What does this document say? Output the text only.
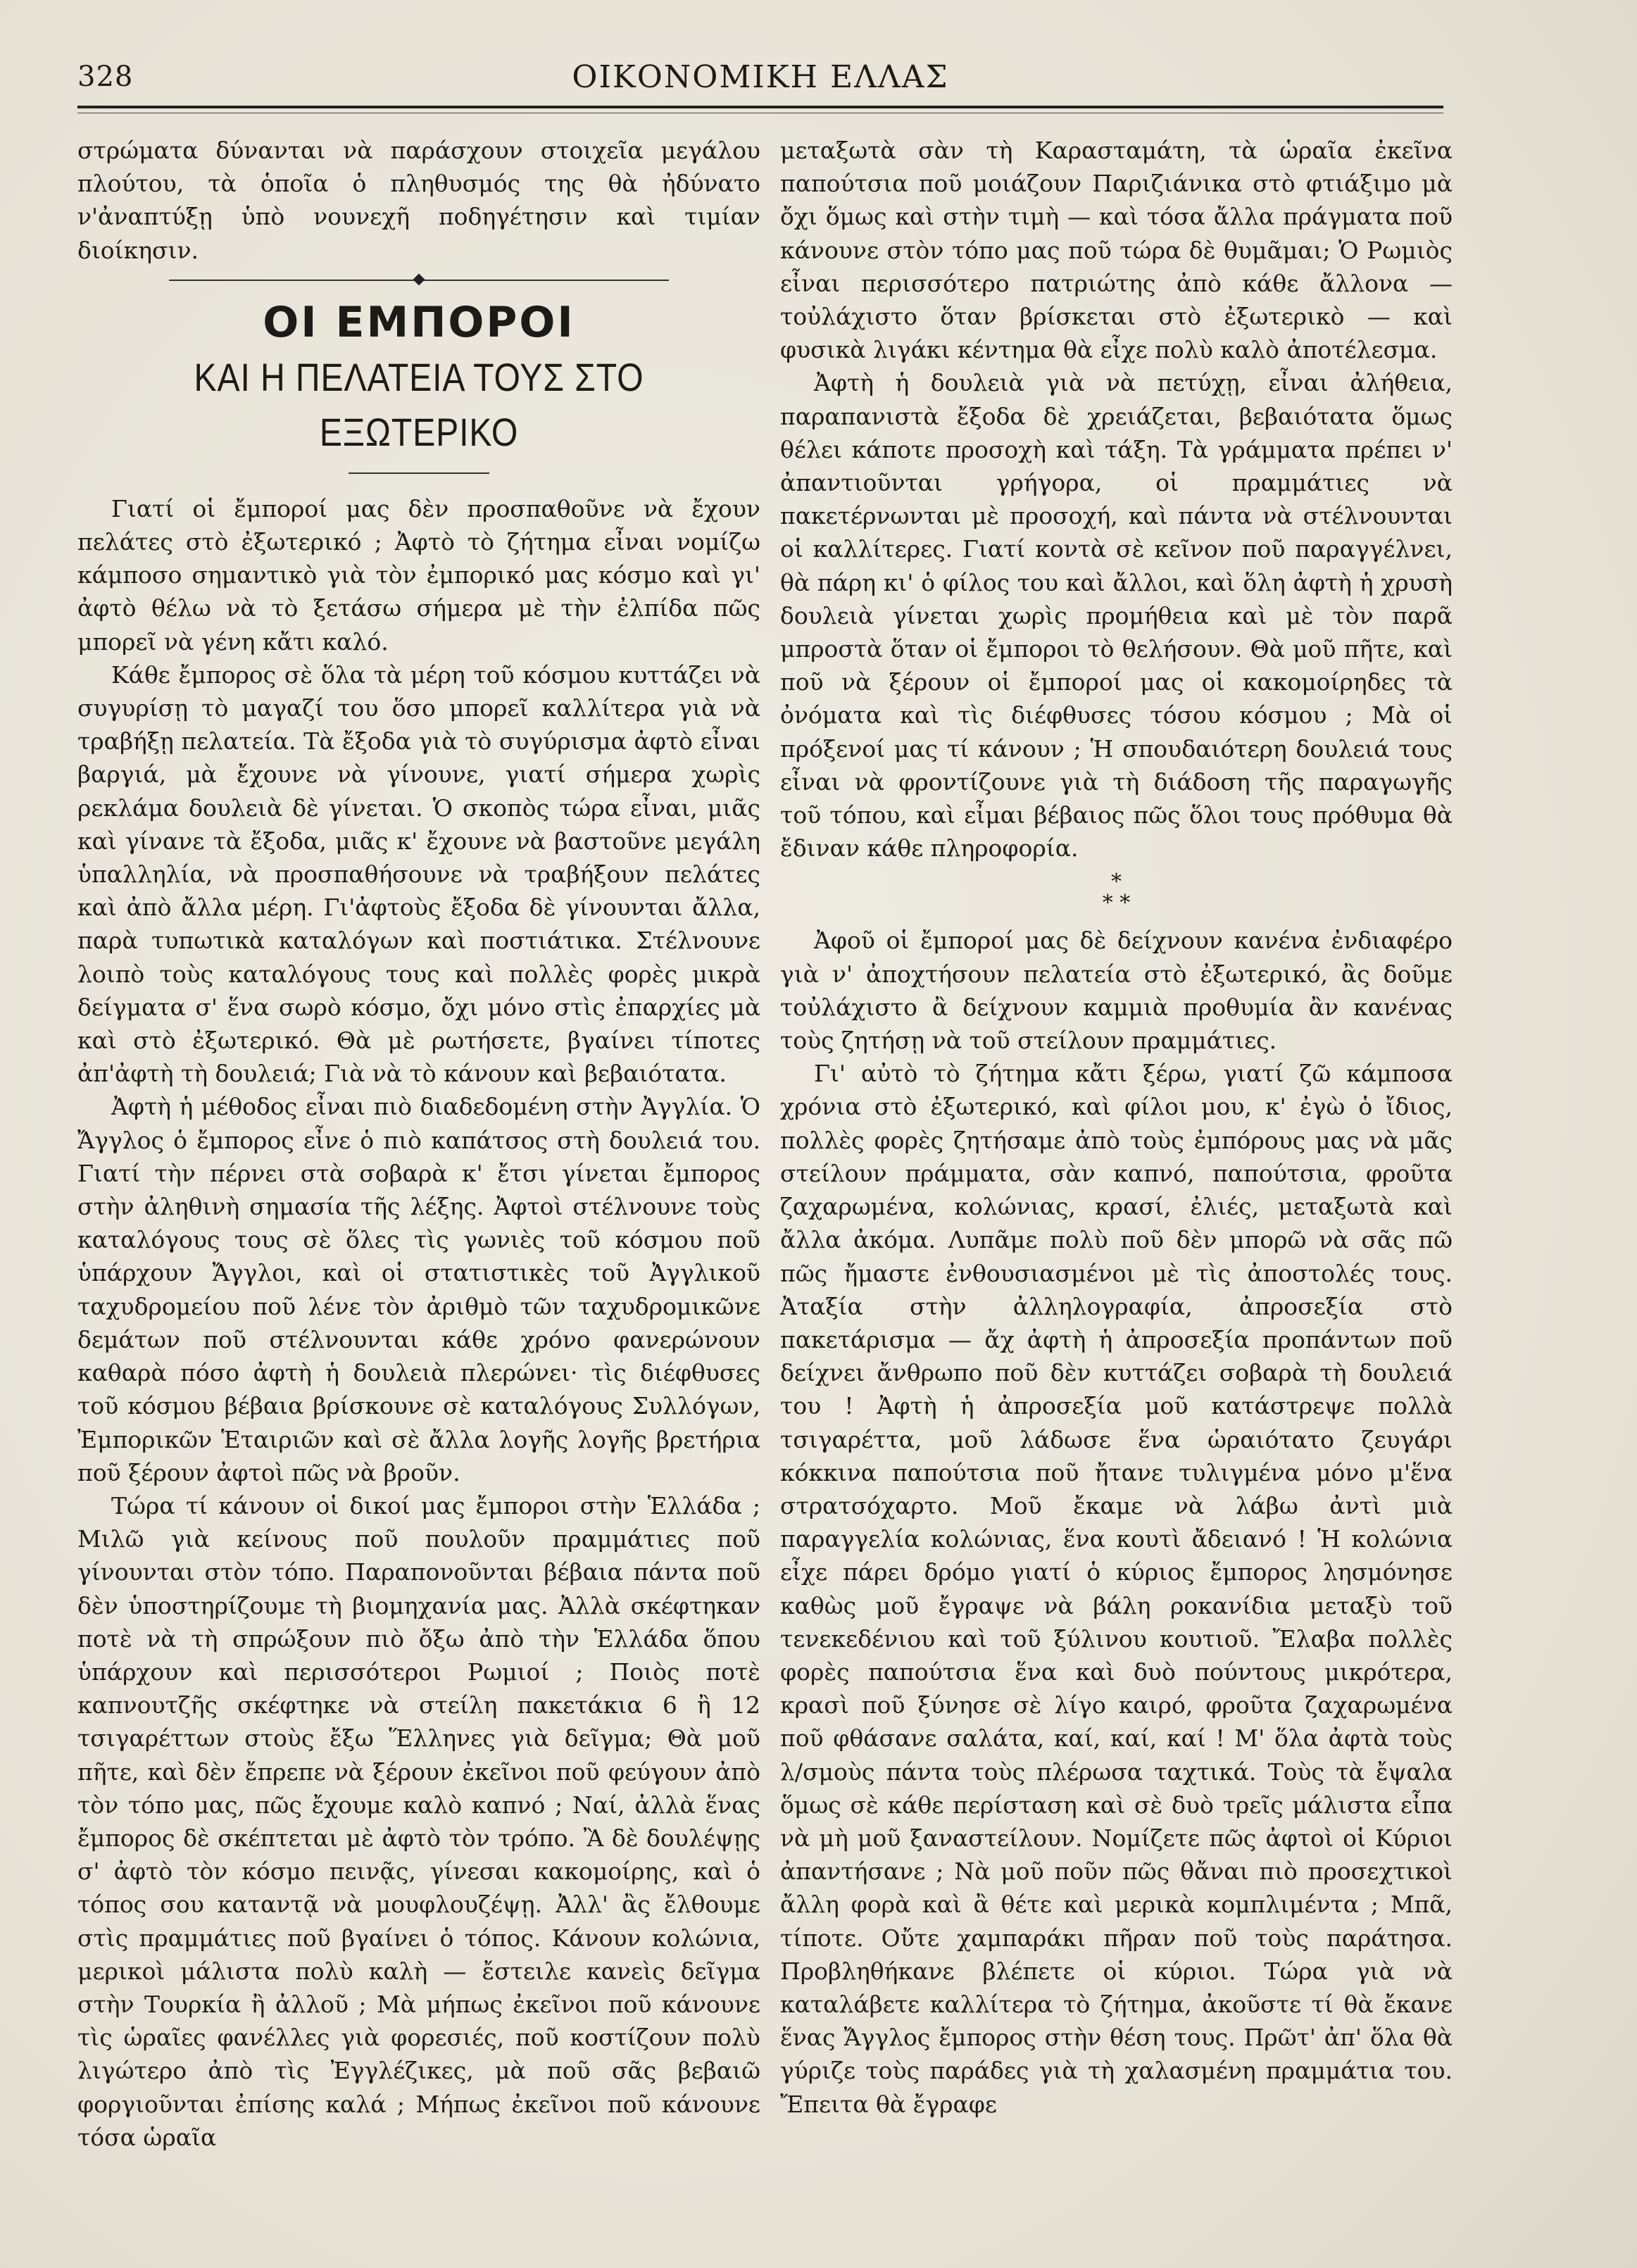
328	ΟΙΚΟΝΟΜΙΚΗ ΕΛΛΑΣ

στρώματα δύνανται νὰ παράσχουν στοιχεῖα μεγάλου πλούτου, τὰ ὁποῖα ὁ πληθυσμός της θὰ ἠδύνατο ν'ἀναπτύξῃ ὑπὸ νουνεχῆ ποδηγέτησιν καὶ τιμίαν διοίκησιν.

ΟΙ ΕΜΠΟΡΟΙ
ΚΑΙ Η ΠΕΛΑΤΕΙΑ ΤΟΥΣ ΣΤΟ ΕΞΩΤΕΡΙΚΟ

Γιατί οἱ ἔμποροί μας δὲν προσπαθοῦνε νὰ ἔχουν πελάτες στὸ ἐξωτερικό ; Ἀφτὸ τὸ ζήτημα εἶναι νομίζω κάμποσο σημαντικὸ γιὰ τὸν ἐμπορικό μας κόσμο καὶ γι' ἀφτὸ θέλω νὰ τὸ ξετάσω σήμερα μὲ τὴν ἐλπίδα πῶς μπορεῖ νὰ γένη κἄτι καλό.

Κάθε ἔμπορος σὲ ὅλα τὰ μέρη τοῦ κόσμου κυττάζει νὰ συγυρίσῃ τὸ μαγαζί του ὅσο μπορεῖ καλλίτερα γιὰ νὰ τραβήξῃ πελατεία. Τὰ ἔξοδα γιὰ τὸ συγύρισμα ἀφτὸ εἶναι βαργιά, μὰ ἔχουνε νὰ γίνουνε, γιατί σήμερα χωρὶς ρεκλάμα δουλειὰ δὲ γίνεται. Ὁ σκοπὸς τώρα εἶναι, μιᾶς καὶ γίνανε τὰ ἔξοδα, μιᾶς κ' ἔχουνε νὰ βαστοῦνε μεγάλη ὑπαλληλία, νὰ προσπαθήσουνε νὰ τραβήξουν πελάτες καὶ ἀπὸ ἄλλα μέρη. Γι'ἀφτοὺς ἔξοδα δὲ γίνουνται ἄλλα, παρὰ τυπωτικὰ καταλόγων καὶ ποστιάτικα. Στέλνουνε λοιπὸ τοὺς καταλόγους τους καὶ πολλὲς φορὲς μικρὰ δείγματα σ' ἕνα σωρὸ κόσμο, ὄχι μόνο στὶς ἐπαρχίες μὰ καὶ στὸ ἐξωτερικό. Θὰ μὲ ρωτήσετε, βγαίνει τίποτες ἀπ'ἀφτὴ τὴ δουλειά; Γιὰ νὰ τὸ κάνουν καὶ βεβαιότατα.

Ἀφτὴ ἡ μέθοδος εἶναι πιὸ διαδεδομένη στὴν Ἀγγλία. Ὁ Ἄγγλος ὁ ἔμπορος εἶνε ὁ πιὸ καπάτσος στὴ δουλειά του. Γιατί τὴν πέρνει στὰ σοβαρὰ κ' ἔτσι γίνεται ἔμπορος στὴν ἀληθινὴ σημασία τῆς λέξης. Ἀφτοὶ στέλνουνε τοὺς καταλόγους τους σὲ ὅλες τὶς γωνιὲς τοῦ κόσμου ποῦ ὑπάρχουν Ἄγγλοι, καὶ οἱ στατιστικὲς τοῦ Ἀγγλικοῦ ταχυδρομείου ποῦ λένε τὸν ἀριθμὸ τῶν ταχυδρομικῶνε δεμάτων ποῦ στέλνουνται κάθε χρόνο φανερώνουν καθαρὰ πόσο ἀφτὴ ἡ δουλειὰ πλερώνει· τὶς διέφθυσες τοῦ κόσμου βέβαια βρίσκουνε σὲ καταλόγους Συλλόγων, Ἐμπορικῶν Ἑταιριῶν καὶ σὲ ἄλλα λογῆς λογῆς βρετήρια ποῦ ξέρουν ἀφτοὶ πῶς νὰ βροῦν.

Τώρα τί κάνουν οἱ δικοί μας ἔμποροι στὴν Ἑλλάδα ; Μιλῶ γιὰ κείνους ποῦ πουλοῦν πραμμάτιες ποῦ γίνουνται στὸν τόπο. Παραπονοῦνται βέβαια πάντα ποῦ δὲν ὑποστηρίζουμε τὴ βιομηχανία μας. Ἀλλὰ σκέφτηκαν ποτὲ νὰ τὴ σπρώξουν πιὸ ὄξω ἀπὸ τὴν Ἑλλάδα ὅπου ὑπάρχουν καὶ περισσότεροι Ρωμιοί ; Ποιὸς ποτὲ καπνουτζῆς σκέφτηκε νὰ στείλη πακετάκια 6 ἢ 12 τσιγαρέττων στοὺς ἔξω Ἕλληνες γιὰ δεῖγμα; Θὰ μοῦ πῆτε, καὶ δὲν ἔπρεπε νὰ ξέρουν ἐκεῖνοι ποῦ φεύγουν ἀπὸ τὸν τόπο μας, πῶς ἔχουμε καλὸ καπνό ; Ναί, ἀλλὰ ἕνας ἔμπορος δὲ σκέπτεται μὲ ἀφτὸ τὸν τρόπο. Ἂ δὲ δουλέψῃς σ' ἀφτὸ τὸν κόσμο πεινᾷς, γίνεσαι κακομοίρης, καὶ ὁ τόπος σου καταντᾷ νὰ μουφλουζέψῃ. Ἀλλ' ἂς ἔλθουμε στὶς πραμμάτιες ποῦ βγαίνει ὁ τόπος. Κάνουν κολώνια, μερικοὶ μάλιστα πολὺ καλὴ — ἔστειλε κανεὶς δεῖγμα στὴν Τουρκία ἢ ἀλλοῦ ; Μὰ μήπως ἐκεῖνοι ποῦ κάνουνε τὶς ὡραῖες φανέλλες γιὰ φορεσιές, ποῦ κοστίζουν πολὺ λιγώτερο ἀπὸ τὶς Ἐγγλέζικες, μὰ ποῦ σᾶς βεβαιῶ φοργιοῦνται ἐπίσης καλά ; Μήπως ἐκεῖνοι ποῦ κάνουνε τόσα ὡραῖα

μεταξωτὰ σὰν τὴ Καρασταμάτη, τὰ ὡραῖα ἐκεῖνα παπούτσια ποῦ μοιάζουν Παριζιάνικα στὸ φτιάξιμο μὰ ὄχι ὅμως καὶ στὴν τιμὴ — καὶ τόσα ἄλλα πράγματα ποῦ κάνουνε στὸν τόπο μας ποῦ τώρα δὲ θυμᾶμαι; Ὁ Ρωμιὸς εἶναι περισσότερο πατριώτης ἀπὸ κάθε ἄλλονα — τοὐλάχιστο ὅταν βρίσκεται στὸ ἐξωτερικὸ — καὶ φυσικὰ λιγάκι κέντημα θὰ εἶχε πολὺ καλὸ ἀποτέλεσμα.

Ἀφτὴ ἡ δουλειὰ γιὰ νὰ πετύχῃ, εἶναι ἀλήθεια, παραπανιστὰ ἔξοδα δὲ χρειάζεται, βεβαιότατα ὅμως θέλει κάποτε προσοχὴ καὶ τάξη. Τὰ γράμματα πρέπει ν' ἀπαντιοῦνται γρήγορα, οἱ πραμμάτιες νὰ πακετέρνωνται μὲ προσοχή, καὶ πάντα νὰ στέλνουνται οἱ καλλίτερες. Γιατί κοντὰ σὲ κεῖνον ποῦ παραγγέλνει, θὰ πάρη κι' ὁ φίλος του καὶ ἄλλοι, καὶ ὅλη ἀφτὴ ἡ χρυσὴ δουλειὰ γίνεται χωρὶς προμήθεια καὶ μὲ τὸν παρᾶ μπροστὰ ὅταν οἱ ἔμποροι τὸ θελήσουν. Θὰ μοῦ πῆτε, καὶ ποῦ νὰ ξέρουν οἱ ἔμποροί μας οἱ κακομοίρηδες τὰ ὀνόματα καὶ τὶς διέφθυσες τόσου κόσμου ; Μὰ οἱ πρόξενοί μας τί κάνουν ; Ἡ σπουδαιότερη δουλειά τους εἶναι νὰ φροντίζουνε γιὰ τὴ διάδοση τῆς παραγωγῆς τοῦ τόπου, καὶ εἶμαι βέβαιος πῶς ὅλοι τους πρόθυμα θὰ ἔδιναν κάθε πληροφορία.

*
* *

Ἀφοῦ οἱ ἔμποροί μας δὲ δείχνουν κανένα ἐνδιαφέρο γιὰ ν' ἀποχτήσουν πελατεία στὸ ἐξωτερικό, ἂς δοῦμε τοὐλάχιστο ἂ δείχνουν καμμιὰ προθυμία ἂν κανένας τοὺς ζητήσῃ νὰ τοῦ στείλουν πραμμάτιες.

Γι' αὐτὸ τὸ ζήτημα κἄτι ξέρω, γιατί ζῶ κάμποσα χρόνια στὸ ἐξωτερικό, καὶ φίλοι μου, κ' ἐγὼ ὁ ἴδιος, πολλὲς φορὲς ζητήσαμε ἀπὸ τοὺς ἐμπόρους μας νὰ μᾶς στείλουν πράμματα, σὰν καπνό, παπούτσια, φροῦτα ζαχαρωμένα, κολώνιας, κρασί, ἐλιές, μεταξωτὰ καὶ ἄλλα ἀκόμα. Λυπᾶμε πολὺ ποῦ δὲν μπορῶ νὰ σᾶς πῶ πῶς ἤμαστε ἐνθουσιασμένοι μὲ τὶς ἀποστολές τους. Ἀταξία στὴν ἀλληλογραφία, ἀπροσεξία στὸ πακετάρισμα — ἄχ ἀφτὴ ἡ ἀπροσεξία προπάντων ποῦ δείχνει ἄνθρωπο ποῦ δὲν κυττάζει σοβαρὰ τὴ δουλειά του ! Ἀφτὴ ἡ ἀπροσεξία μοῦ κατάστρεψε πολλὰ τσιγαρέττα, μοῦ λάδωσε ἕνα ὡραιότατο ζευγάρι κόκκινα παπούτσια ποῦ ἤτανε τυλιγμένα μόνο μ'ἕνα στρατσόχαρτο. Μοῦ ἔκαμε νὰ λάβω ἀντὶ μιὰ παραγγελία κολώνιας, ἕνα κουτὶ ἄδειανό ! Ἡ κολώνια εἶχε πάρει δρόμο γιατί ὁ κύριος ἔμπορος λησμόνησε καθὼς μοῦ ἔγραψε νὰ βάλη ροκανίδια μεταξὺ τοῦ τενεκεδένιου καὶ τοῦ ξύλινου κουτιοῦ. Ἔλαβα πολλὲς φορὲς παπούτσια ἕνα καὶ δυὸ πούντους μικρότερα, κρασὶ ποῦ ξύνησε σὲ λίγο καιρό, φροῦτα ζαχαρωμένα ποῦ φθάσανε σαλάτα, καί, καί, καί ! Μ' ὅλα ἀφτὰ τοὺς λ/σμοὺς πάντα τοὺς πλέρωσα ταχτικά. Τοὺς τὰ ἔψαλα ὅμως σὲ κάθε περίσταση καὶ σὲ δυὸ τρεῖς μάλιστα εἶπα νὰ μὴ μοῦ ξαναστείλουν. Νομίζετε πῶς ἀφτοὶ οἱ Κύριοι ἀπαντήσανε ; Νὰ μοῦ ποῦν πῶς θἄναι πιὸ προσεχτικοὶ ἄλλη φορὰ καὶ ἂ θέτε καὶ μερικὰ κομπλιμέντα ; Μπᾶ, τίποτε. Οὔτε χαμπαράκι πῆραν ποῦ τοὺς παράτησα. Προβληθήκανε βλέπετε οἱ κύριοι. Τώρα γιὰ νὰ καταλάβετε καλλίτερα τὸ ζήτημα, ἀκοῦστε τί θὰ ἔκανε ἕνας Ἄγγλος ἔμπορος στὴν θέση τους. Πρῶτ' ἀπ' ὅλα θὰ γύριζε τοὺς παράδες γιὰ τὴ χαλασμένη πραμμάτια του. Ἔπειτα θὰ ἔγραφε
